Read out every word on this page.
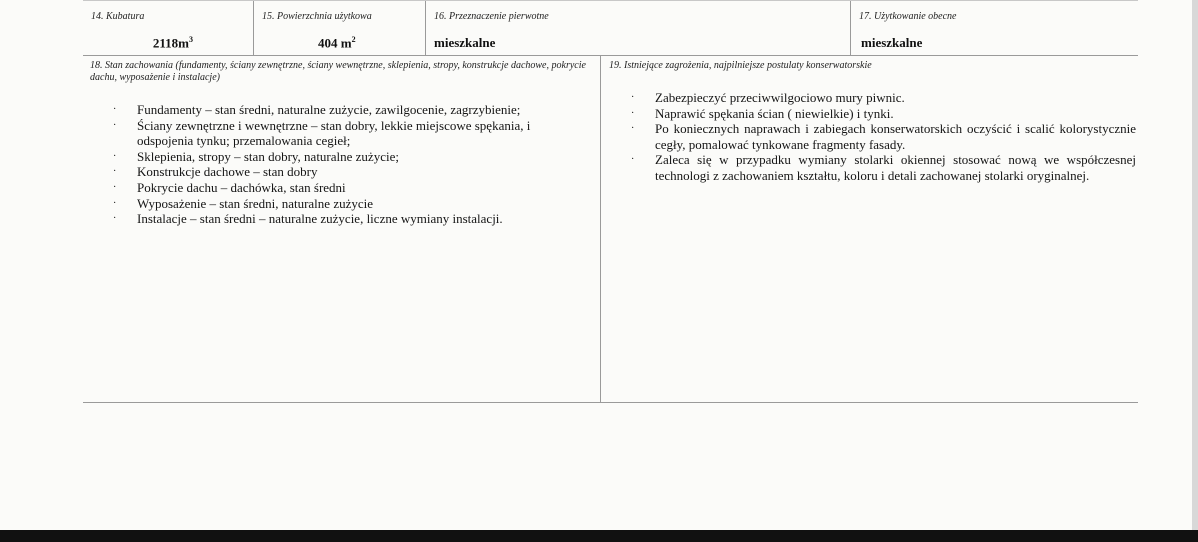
14. Kubatura
$2118m^3$
15. Powierzchnia użytkowa
404 $m^2$
16. Przeznaczenie pierwotne
mieszkalne
17. Użytkowanie obecne
mieszkalne
18. Stan zachowania (fundamenty, ściany zewnętrzne, ściany wewnętrzne, sklepienia, stropy, konstrukcje dachowe, pokrycie dachu, wyposażenie i instalacje)
· Fundamenty – stan średni, naturalne zużycie, zawilgocenie, zagrzybienie;
· Ściany zewnętrzne i wewnętrzne – stan dobry, lekkie miejscowe spękania, i odspojenia tynku; przemalowania cegieł;
· Sklepienia, stropy – stan dobry, naturalne zużycie;
· Konstrukcje dachowe – stan dobry
· Pokrycie dachu – dachówka, stan średni
· Wyposażenie – stan średni, naturalne zużycie
· Instalacje – stan średni – naturalne zużycie, liczne wymiany instalacji.
19. Istniejące zagrożenia, najpilniejsze postulaty konserwatorskie
· Zabezpieczyć przeciwwilgociowo mury piwnic.
· Naprawić spękania ścian ( niewielkie) i tynki.
· Po koniecznych naprawach i zabiegach konserwatorskich oczyścić i scalić kolorystycznie cegły, pomalować tynkowane fragmenty fasady.
· Zaleca się w przypadku wymiany stolarki okiennej stosować nową we współczesnej technologi z zachowaniem kształtu, koloru i detali zachowanej stolarki oryginalnej.
